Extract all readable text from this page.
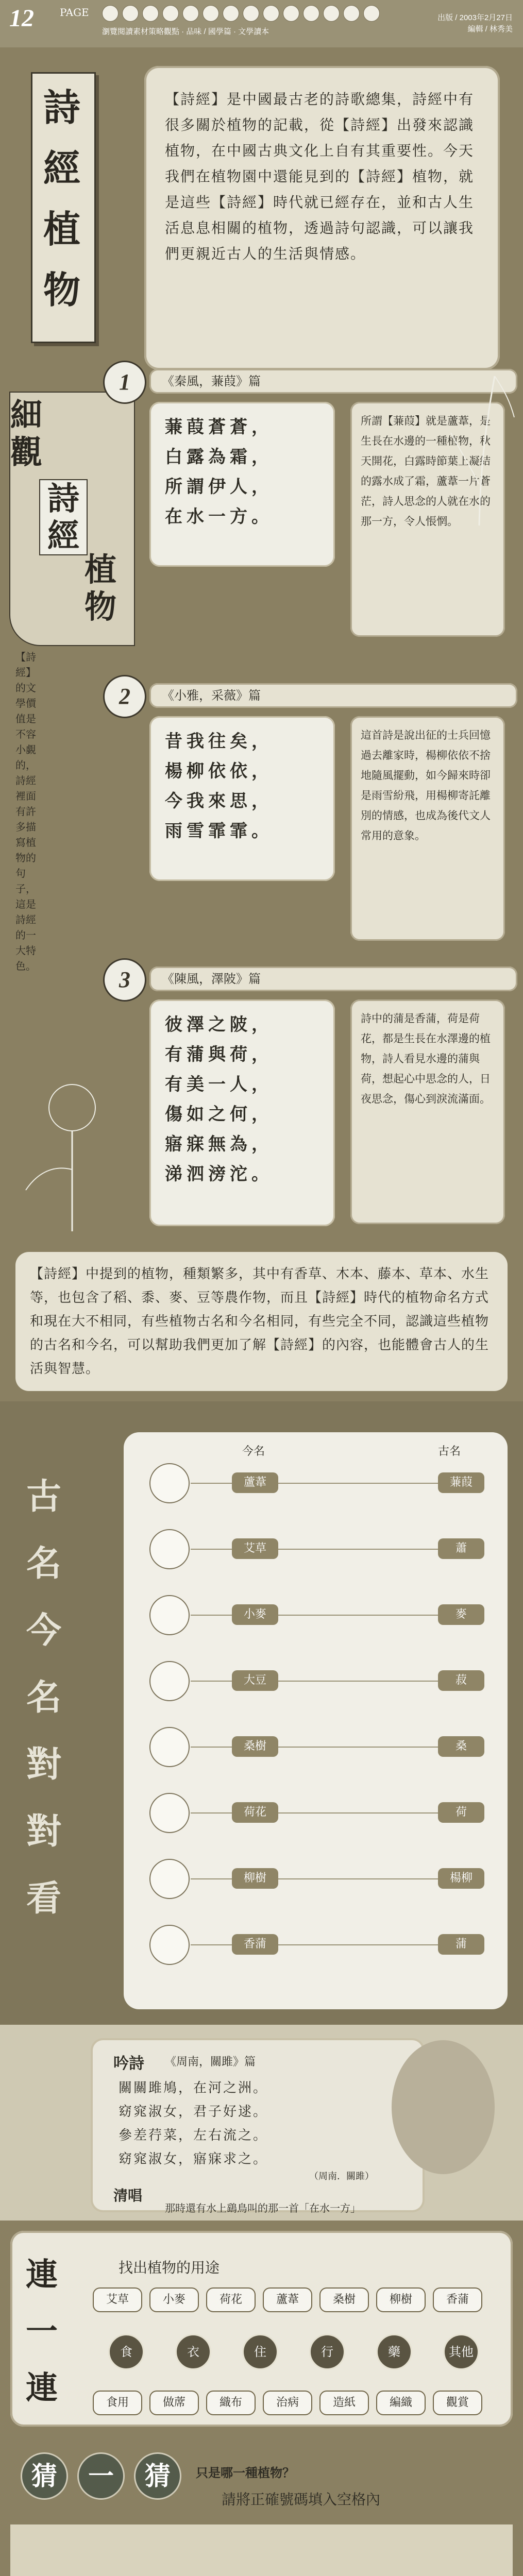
12	PAGE
瀏覽閱讀素材策略觀點 · 品味 / 國學篇 · 文學讀本
出版 / 2003年2月27日
編輯 / 林秀美
詩
經
植
物
【詩經】是中國最古老的詩歌總集，詩經中有很多關於植物的記載，從【詩經】出發來認識植物，在中國古典文化上自有其重要性。今天我們在植物園中還能見到的【詩經】植物，就是這些【詩經】時代就已經存在，並和古人生活息息相關的植物，透過詩句認識，可以讓我們更親近古人的生活與情感。
細
觀
詩
經
植
物
【詩經】的文學價值是不容小覷的，詩經裡面有許多描寫植物的句子，這是詩經的一大特色。
1	《秦風，蒹葭》篇
蒹葭蒼蒼，
白露為霜，
所謂伊人，
在水一方。
所謂【蒹葭】就是蘆葦，是生長在水邊的一種植物，秋天開花，白露時節葉上凝結的露水成了霜，蘆葦一片蒼茫，詩人思念的人就在水的那一方，令人悵惘。
2	《小雅，采薇》篇
昔我往矣，
楊柳依依，
今我來思，
雨雪霏霏。
這首詩是說出征的士兵回憶過去離家時，楊柳依依不捨地隨風擺動，如今歸來時卻是雨雪紛飛，用楊柳寄託離別的情感，也成為後代文人常用的意象。
3	《陳風，澤陂》篇
彼澤之陂，
有蒲與荷，
有美一人，
傷如之何，
寤寐無為，
涕泗滂沱。
詩中的蒲是香蒲，荷是荷花，都是生長在水澤邊的植物，詩人看見水邊的蒲與荷，想起心中思念的人，日夜思念，傷心到淚流滿面。
【詩經】中提到的植物，種類繁多，其中有香草、木本、藤本、草本、水生等，也包含了稻、黍、麥、豆等農作物，而且【詩經】時代的植物命名方式和現在大不相同，有些植物古名和今名相同，有些完全不同，認識這些植物的古名和今名，可以幫助我們更加了解【詩經】的內容，也能體會古人的生活與智慧。
古
名
今
名
對
對
看
今名	古名
蘆葦	蒹葭
艾草	蕭
小麥	麥
大豆	菽
桑樹	桑
荷花	荷
柳樹	楊柳
香蒲	蒲
吟詩 《周南，關雎》篇
關關雎鳩，在河之洲。
窈窕淑女，君子好逑。
參差荇菜，左右流之。
窈窕淑女，寤寐求之。
（周南．關雎）
清唱
那時還有水上鷂鳥叫的那一首「在水一方」
連
一
連
找出植物的用途
艾草	小麥	荷花	蘆葦	桑樹	柳樹	香蒲
食	衣	住	行	藥	其他
食用	做蓆	織布	治病	造紙	編織	觀賞
猜	一	猜	只是哪一種植物？
請將正確號碼填入空格內
